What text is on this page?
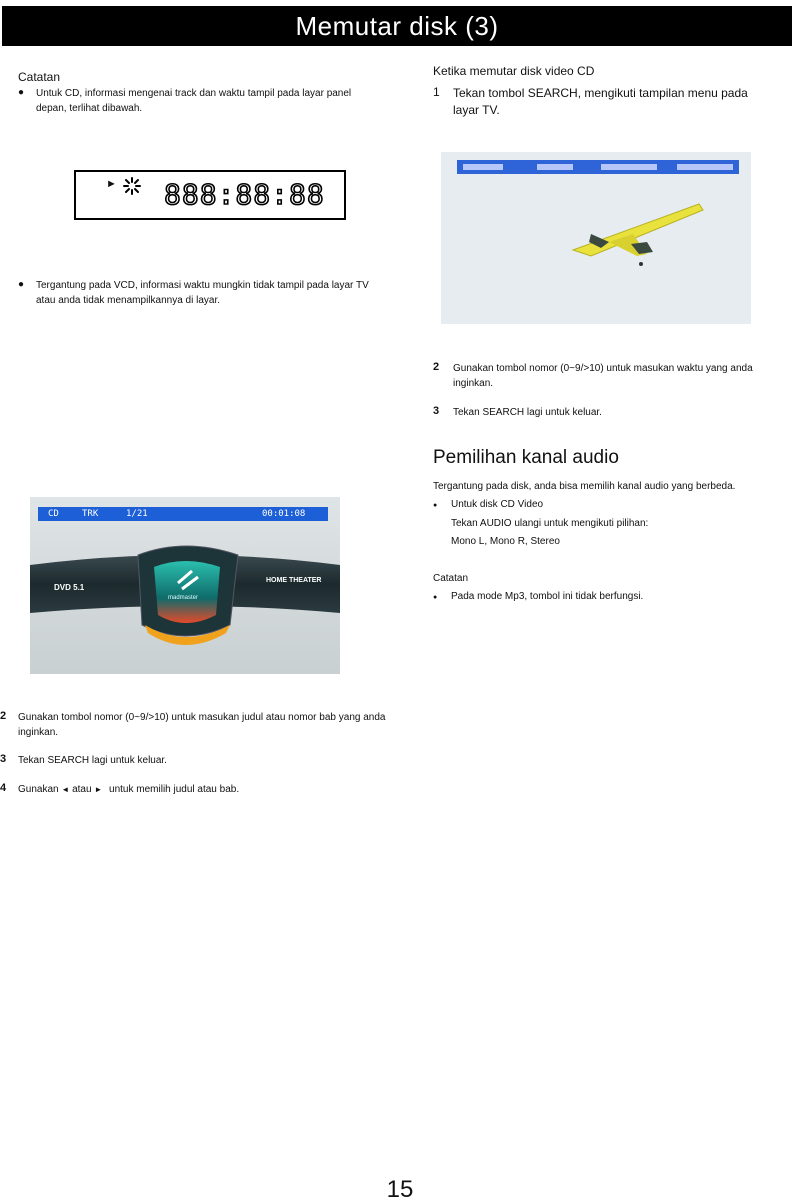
Memutar disk (3)
Catatan
●	Untuk CD, informasi mengenai track dan waktu tampil pada layar panel depan, terlihat dibawah.
► 888:88:88
●	Tergantung pada VCD, informasi waktu mungkin tidak tampil pada layar TV atau anda tidak menampilkannya di layar.
CD	TRK	1/21	00:01:08
DVD 5.1
HOME THEATER
madmaster
2 Gunakan tombol nomor (0~9/>10) untuk masukan judul atau nomor bab yang anda inginkan.
3 Tekan SEARCH lagi untuk keluar.
4 Gunakan ◄ atau ► untuk memilih judul atau bab.
Ketika memutar disk video CD
1 Tekan tombol SEARCH, mengikuti tampilan menu pada layar TV.
2 Gunakan tombol nomor (0~9/>10) untuk masukan waktu yang anda inginkan.
3 Tekan SEARCH lagi untuk keluar.
Pemilihan kanal audio
Tergantung pada disk, anda bisa memilih kanal audio yang berbeda.
●	Untuk disk CD Video
Tekan AUDIO ulangi untuk mengikuti pilihan:
Mono L, Mono R, Stereo
Catatan
●	Pada mode Mp3, tombol ini tidak berfungsi.
15
